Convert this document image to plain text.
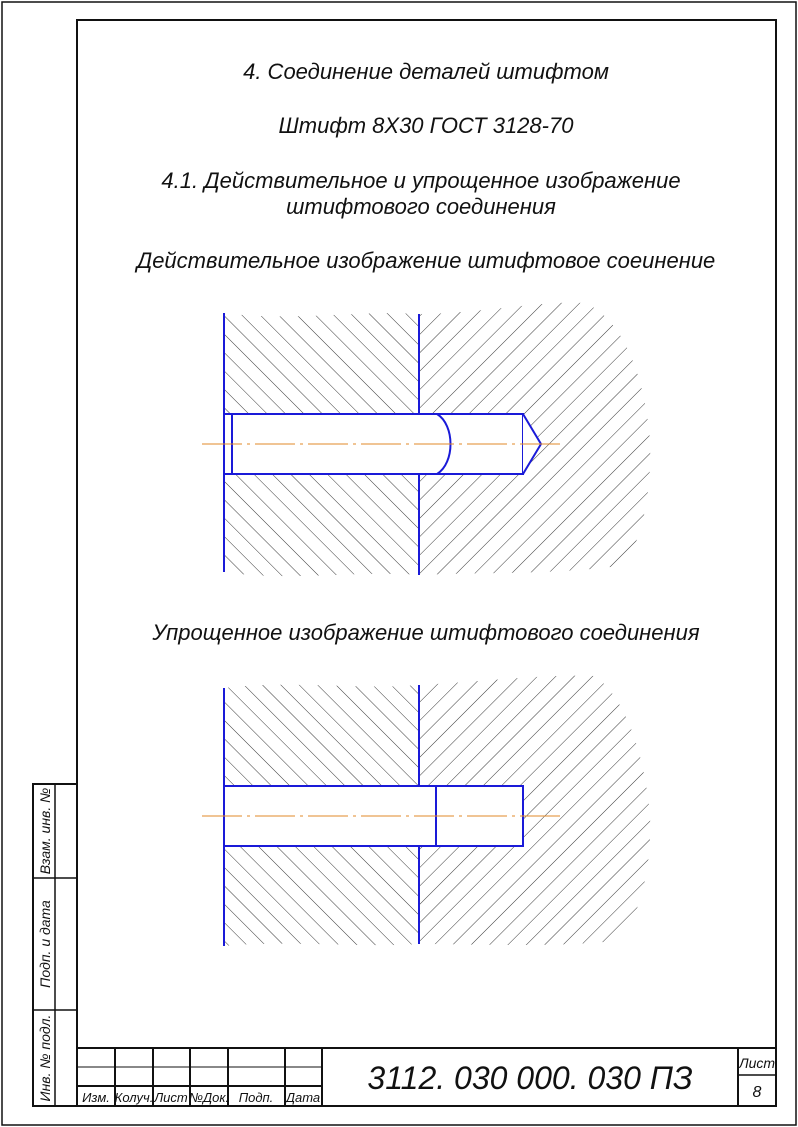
4. Соединение деталей штифтом
Штифт 8Х30 ГОСТ 3128-70
4.1. Действительное и упрощенное изображение
штифтового соединения
Действительное изображение штифтовое соеинение
Упрощенное изображение штифтового соединения
Взам. инв. №
Подп. и дата
Инв. № подл. Изм. Колуч. Лист №Док. Подп. Дата
3112. 030 000. 030 ПЗ	Лист
8
